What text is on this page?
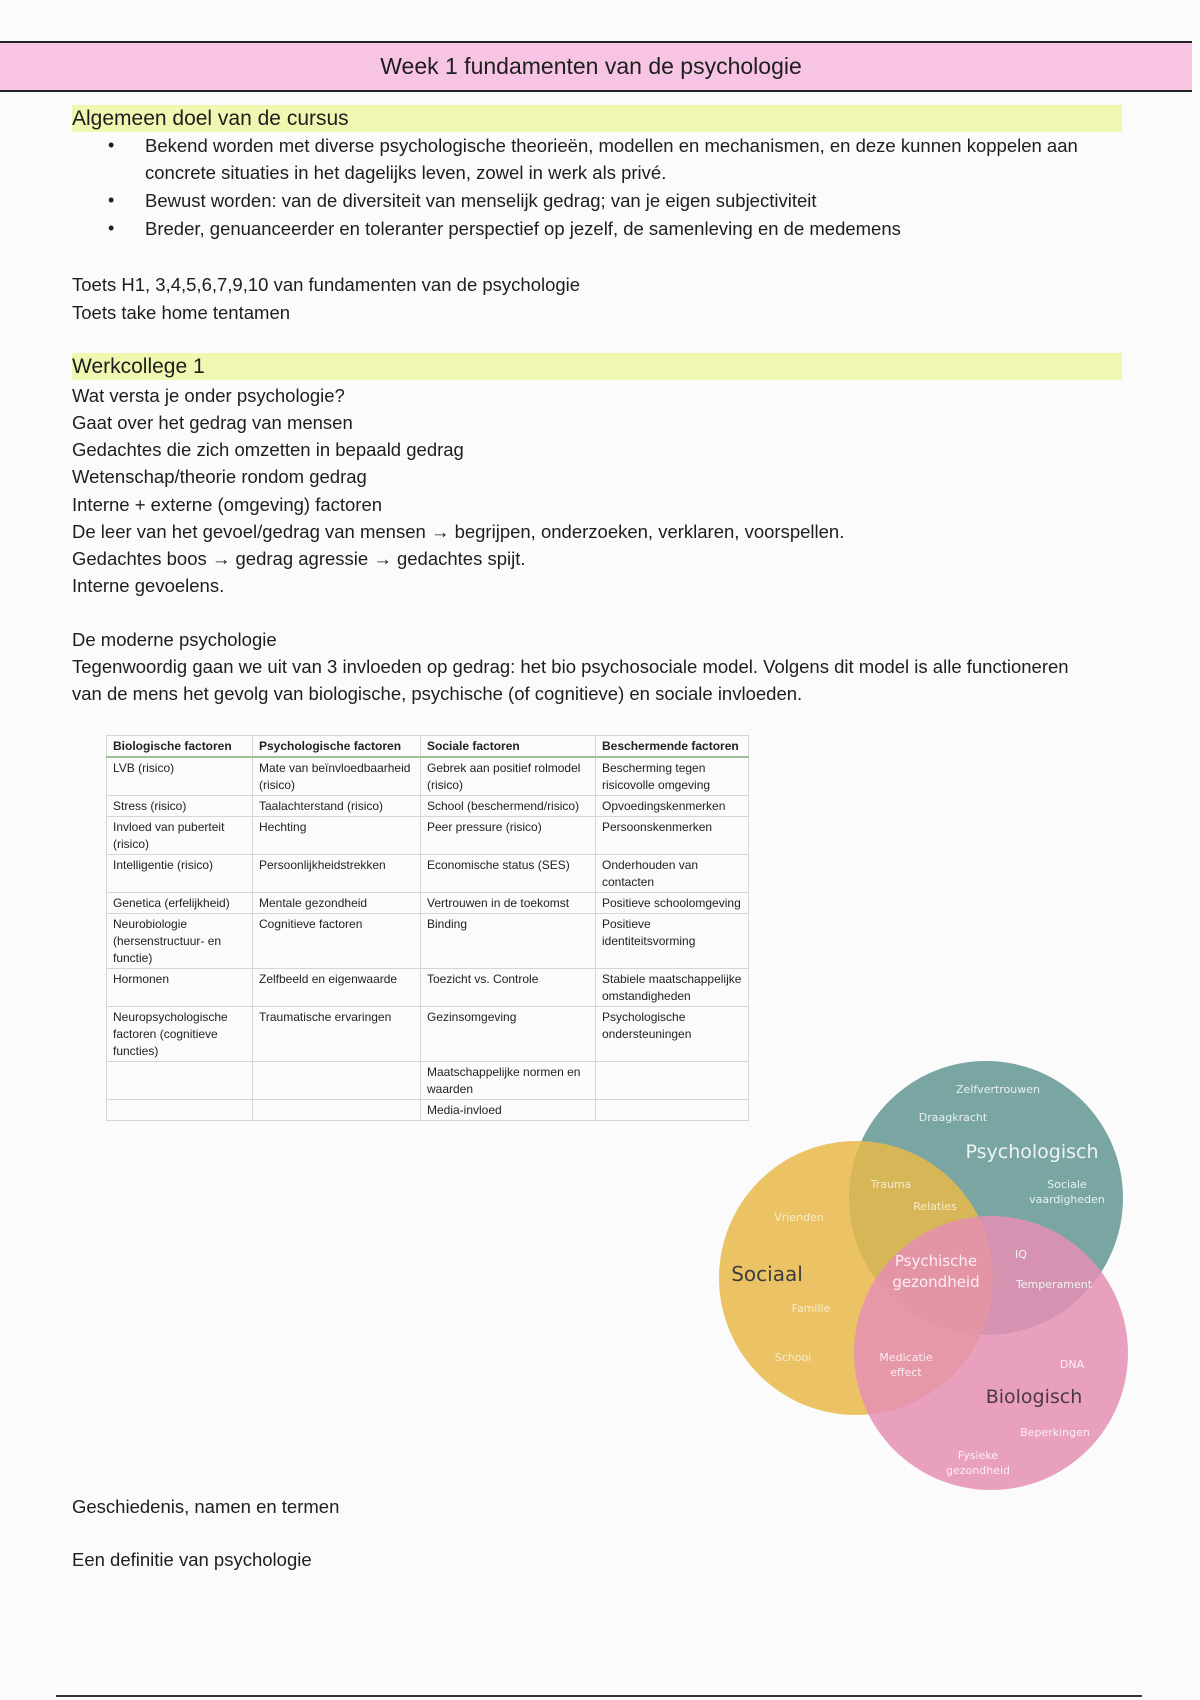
Week 1 fundamenten van de psychologie
Algemeen doel van de cursus
• Bekend worden met diverse psychologische theorieën, modellen en mechanismen, en deze kunnen koppelen aan concrete situaties in het dagelijks leven, zowel in werk als privé.
• Bewust worden: van de diversiteit van menselijk gedrag; van je eigen subjectiviteit
• Breder, genuanceerder en toleranter perspectief op jezelf, de samenleving en de medemens
Toets H1, 3,4,5,6,7,9,10 van fundamenten van de psychologie
Toets take home tentamen
Werkcollege 1
Wat versta je onder psychologie?
Gaat over het gedrag van mensen
Gedachtes die zich omzetten in bepaald gedrag
Wetenschap/theorie rondom gedrag
Interne + externe (omgeving) factoren
De leer van het gevoel/gedrag van mensen → begrijpen, onderzoeken, verklaren, voorspellen.
Gedachtes boos → gedrag agressie → gedachtes spijt.
Interne gevoelens.
De moderne psychologie
Tegenwoordig gaan we uit van 3 invloeden op gedrag: het bio psychosociale model. Volgens dit model is alle functioneren van de mens het gevolg van biologische, psychische (of cognitieve) en sociale invloeden.
Biologische factoren	Psychologische factoren	Sociale factoren	Beschermende factoren
LVB (risico)	Mate van beïnvloedbaarheid (risico)	Gebrek aan positief rolmodel (risico)	Bescherming tegen risicovolle omgeving
Stress (risico)	Taalachterstand (risico)	School (beschermend/risico)	Opvoedingskenmerken
Invloed van puberteit (risico)	Hechting	Peer pressure (risico)	Persoonskenmerken
Intelligentie (risico)	Persoonlijkheidstrekken	Economische status (SES)	Onderhouden van contacten
Genetica (erfelijkheid)	Mentale gezondheid	Vertrouwen in de toekomst	Positieve schoolomgeving
Neurobiologie (hersenstructuur- en functie)	Cognitieve factoren	Binding	Positieve identiteitsvorming
Hormonen	Zelfbeeld en eigenwaarde	Toezicht vs. Controle	Stabiele maatschappelijke omstandigheden
Neuropsychologische factoren (cognitieve functies)	Traumatische ervaringen	Gezinsomgeving	Psychologische ondersteuningen
		Maatschappelijke normen en waarden	
		Media-invloed	
Zelfvertrouwen
Draagkracht
Psychologisch
Sociale
vaardigheden
Trauma
Relaties
Vrienden
Sociaal
Psychische
gezondheid
IQ
Temperament
Familie
School	Medicatie
effect
DNA
Biologisch
Beperkingen
Fysieke
gezondheid
Geschiedenis, namen en termen
Een definitie van psychologie
